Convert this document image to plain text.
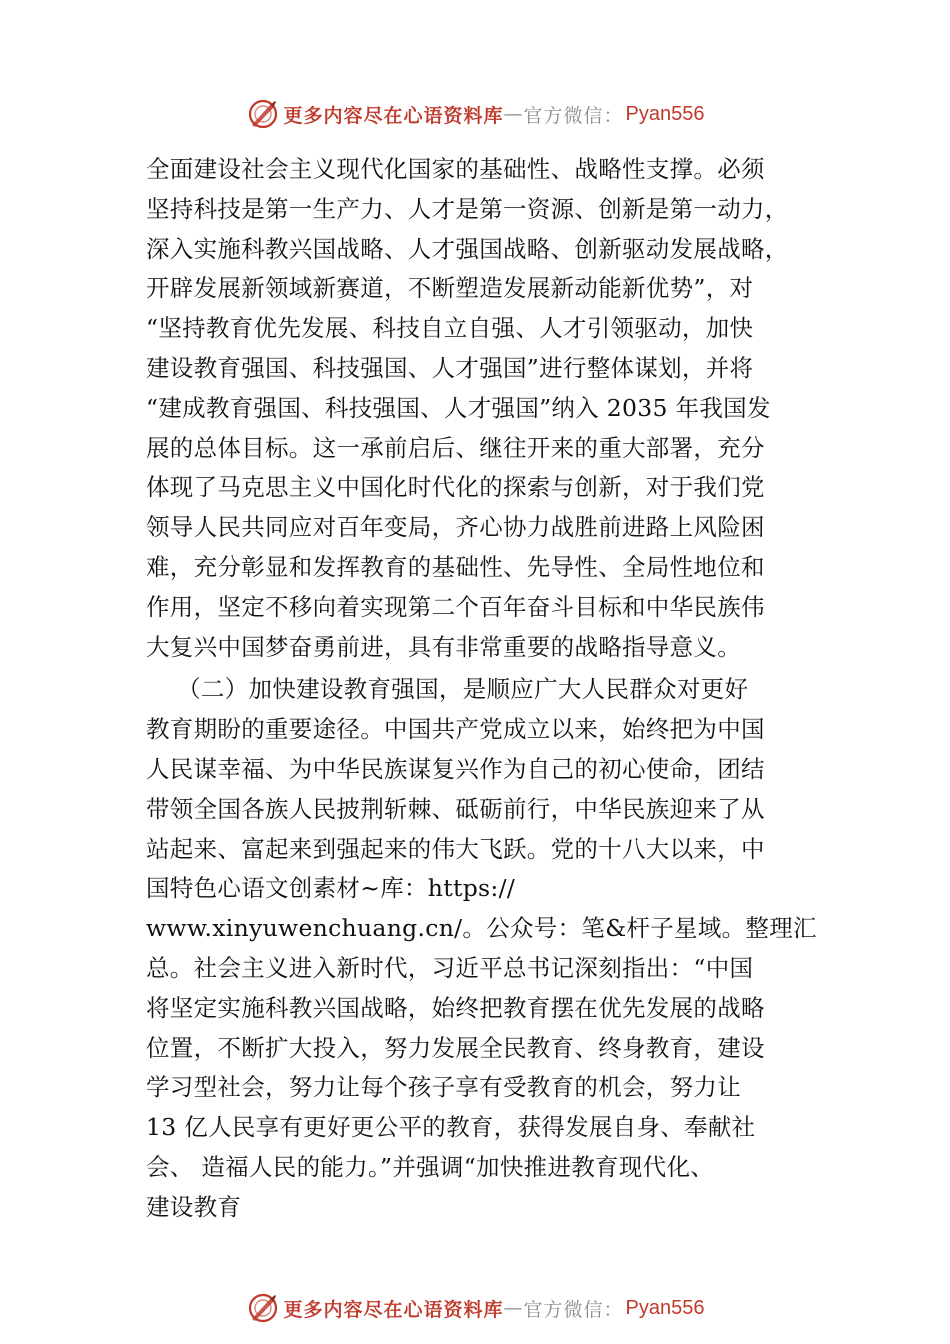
更多内容尽在心语资料库 — 官方微信： Pyan556
全面建设社会主义现代化国家的基础性、战略性支撑。必须
坚持科技是第一生产力、人才是第一资源、创新是第一动力，
深入实施科教兴国战略、人才强国战略、创新驱动发展战略，
开辟发展新领域新赛道，不断塑造发展新动能新优势”，对
“坚持教育优先发展、科技自立自强、人才引领驱动，加快
建设教育强国、科技强国、人才强国”进行整体谋划，并将
“建成教育强国、科技强国、人才强国”纳入 2035 年我国发
展的总体目标。这一承前启后、继往开来的重大部署，充分
体现了马克思主义中国化时代化的探索与创新，对于我们党
领导人民共同应对百年变局，齐心协力战胜前进路上风险困
难，充分彰显和发挥教育的基础性、先导性、全局性地位和
作用，坚定不移向着实现第二个百年奋斗目标和中华民族伟
大复兴中国梦奋勇前进，具有非常重要的战略指导意义。
（二）加快建设教育强国，是顺应广大人民群众对更好
教育期盼的重要途径。中国共产党成立以来，始终把为中国
人民谋幸福、为中华民族谋复兴作为自己的初心使命，团结
带领全国各族人民披荆斩棘、砥砺前行，中华民族迎来了从
站起来、富起来到强起来的伟大飞跃。党的十八大以来，中
国特色心语文创素材~库：https://
www.xinyuwenchuang.cn/。公众号：笔&杆子星域。整理汇
总。社会主义进入新时代，习近平总书记深刻指出：“中国
将坚定实施科教兴国战略，始终把教育摆在优先发展的战略
位置，不断扩大投入，努力发展全民教育、终身教育，建设
学习型社会，努力让每个孩子享有受教育的机会，努力让
13 亿人民享有更好更公平的教育，获得发展自身、奉献社
会、 造福人民的能力。”并强调“加快推进教育现代化、
建设教育
更多内容尽在心语资料库 — 官方微信： Pyan556
